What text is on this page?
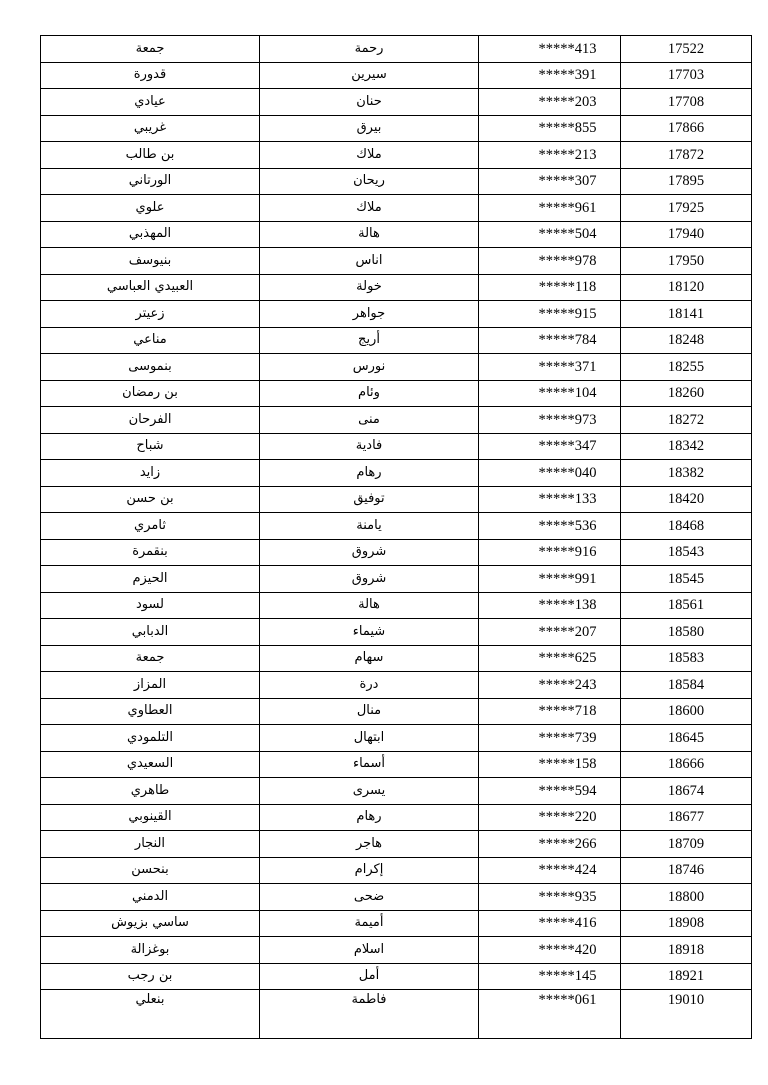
جمعة	رحمة	*****413	17522
قدورة	سيرين	*****391	17703
عيادي	حنان	*****203	17708
غريبي	بيرق	*****855	17866
بن طالب	ملاك	*****213	17872
الورتاني	ريحان	*****307	17895
علوي	ملاك	*****961	17925
المهذبي	هالة	*****504	17940
بنيوسف	اناس	*****978	17950
العبيدي العباسي	خولة	*****118	18120
زعيتر	جواهر	*****915	18141
مناعي	أريج	*****784	18248
بنموسى	نورس	*****371	18255
بن رمضان	وئام	*****104	18260
الفرحان	منى	*****973	18272
شباح	فادية	*****347	18342
زايد	رهام	*****040	18382
بن حسن	توفيق	*****133	18420
ثامري	يامنة	*****536	18468
بنقمرة	شروق	*****916	18543
الحيزم	شروق	*****991	18545
لسود	هالة	*****138	18561
الدبابي	شيماء	*****207	18580
جمعة	سهام	*****625	18583
المزاز	درة	*****243	18584
العطاوي	منال	*****718	18600
التلمودي	ابتهال	*****739	18645
السعيدي	أسماء	*****158	18666
طاهري	يسرى	*****594	18674
القينوبي	رهام	*****220	18677
النجار	هاجر	*****266	18709
بنحسن	إكرام	*****424	18746
الدمني	ضحى	*****935	18800
ساسي بزيوش	أميمة	*****416	18908
بوغزالة	اسلام	*****420	18918
بن رجب	أمل	*****145	18921
بنعلي	فاطمة	*****061	19010
